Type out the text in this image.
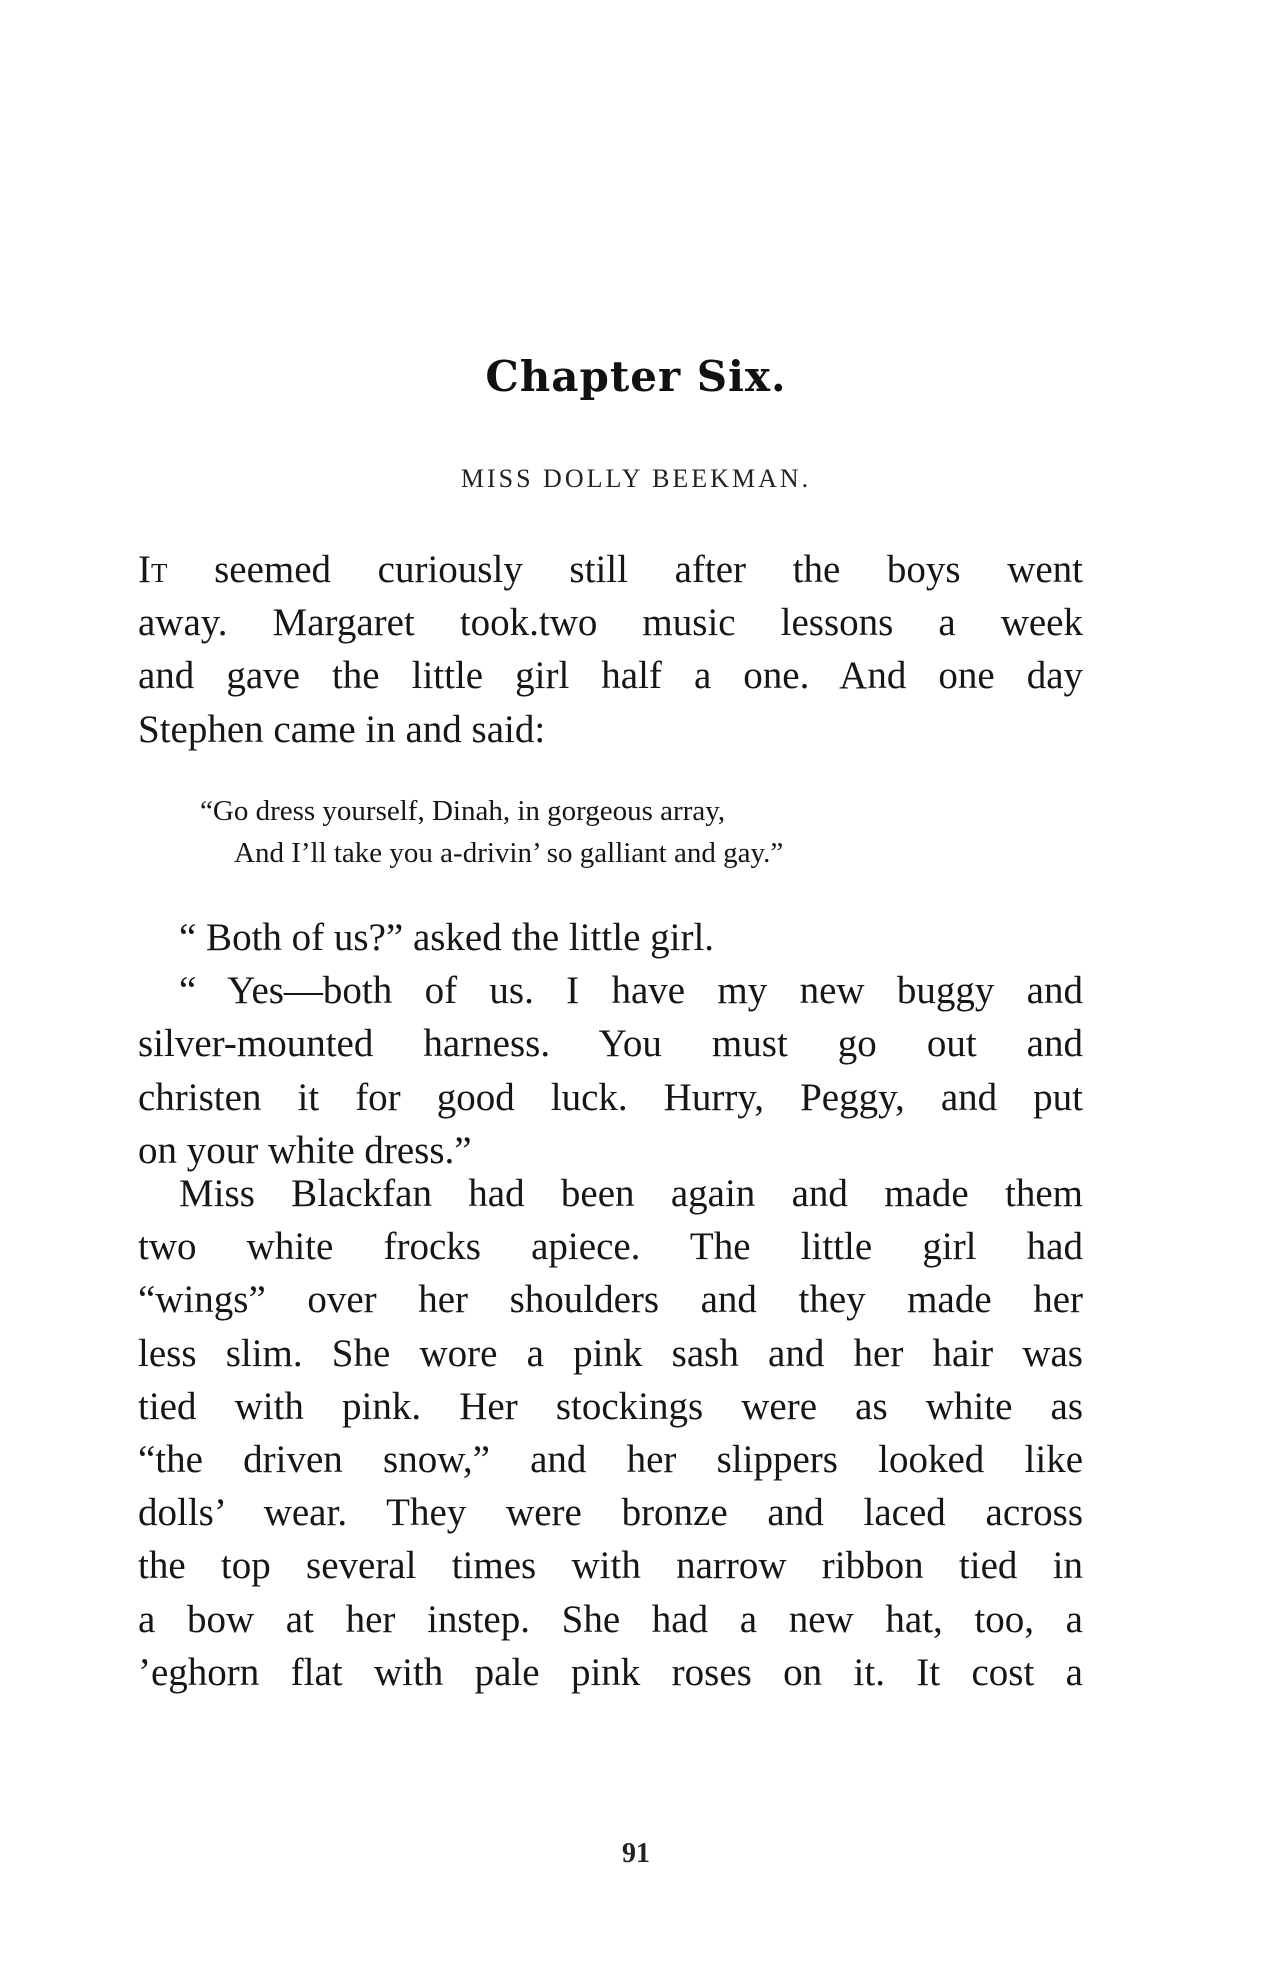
Chapter Six.
MISS DOLLY BEEKMAN.
It seemed curiously still after the boys went
away. Margaret took.two music lessons a week
and gave the little girl half a one. And one day
Stephen came in and said:
“Go dress yourself, Dinah, in gorgeous array,
And I’ll take you a-drivin’ so galliant and gay.”
“ Both of us?” asked the little girl.
“ Yes—both of us. I have my new buggy and
silver-mounted harness. You must go out and
christen it for good luck. Hurry, Peggy, and put
on your white dress.”
Miss Blackfan had been again and made them
two white frocks apiece. The little girl had
“wings” over her shoulders and they made her
less slim. She wore a pink sash and her hair was
tied with pink. Her stockings were as white as
“the driven snow,” and her slippers looked like
dolls’ wear. They were bronze and laced across
the top several times with narrow ribbon tied in
a bow at her instep. She had a new hat, too, a
ʼeghorn flat with pale pink roses on it. It cost a
91
